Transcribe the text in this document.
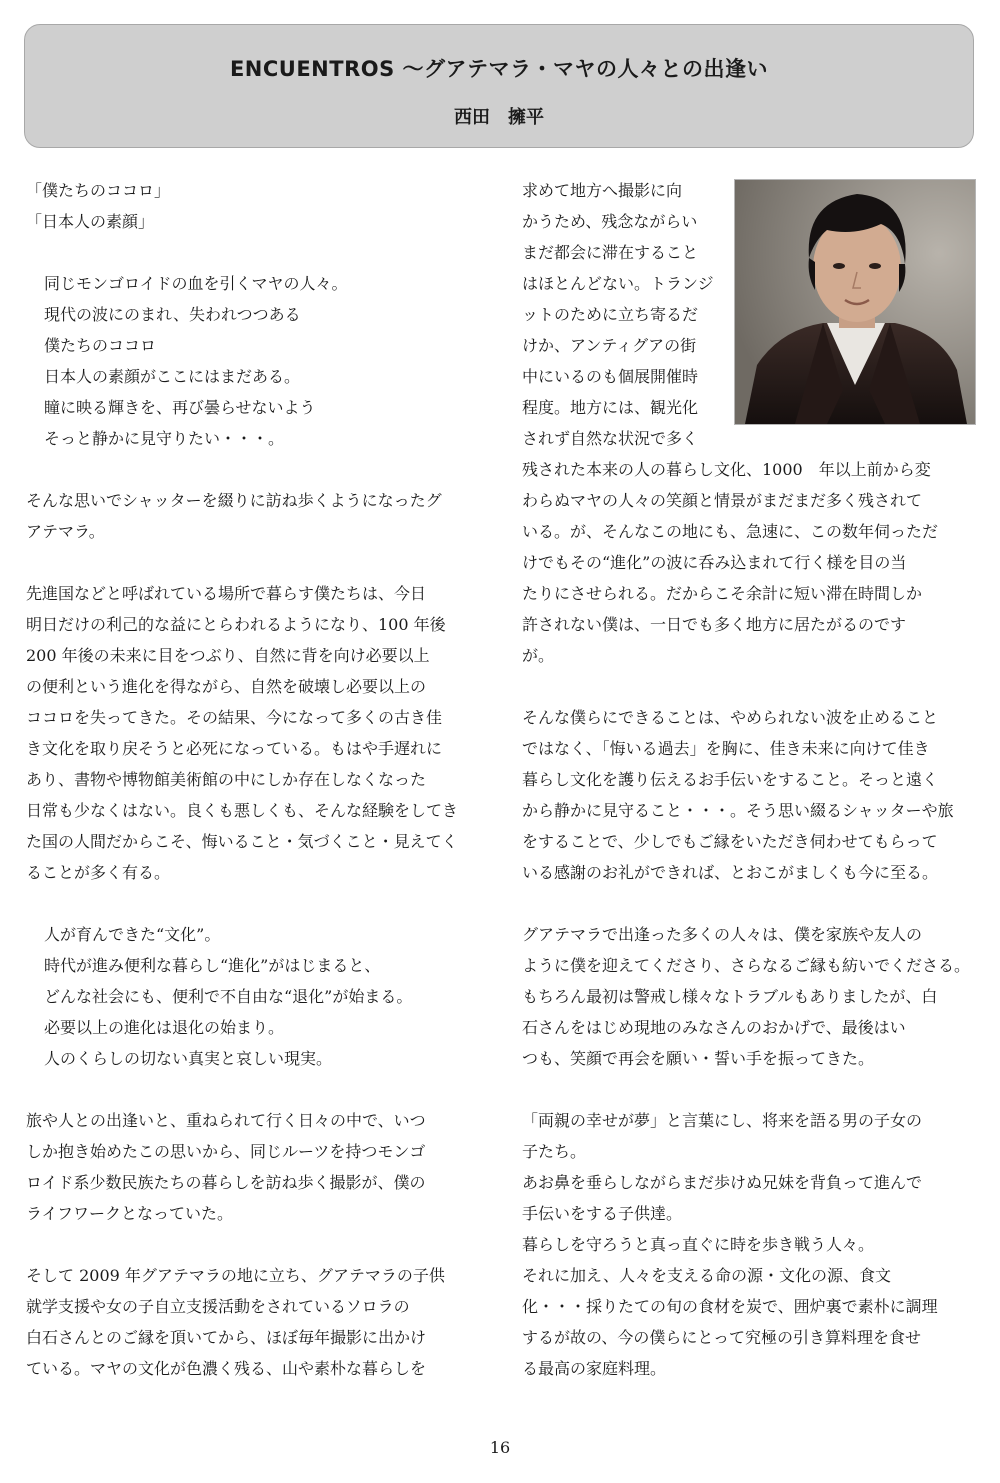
ENCUENTROS ～グアテマラ・マヤの人々との出逢い
西田　擁平
「僕たちのココロ」
「日本人の素顔」
同じモンゴロイドの血を引くマヤの人々。
現代の波にのまれ、失われつつある
僕たちのココロ
日本人の素顔がここにはまだある。
瞳に映る輝きを、再び曇らせないよう
そっと静かに見守りたい・・・。
そんな思いでシャッターを綴りに訪ね歩くようになったグ
アテマラ。
先進国などと呼ばれている場所で暮らす僕たちは、今日
明日だけの利己的な益にとらわれるようになり、100 年後
200 年後の未来に目をつぶり、自然に背を向け必要以上
の便利という進化を得ながら、自然を破壊し必要以上の
ココロを失ってきた。その結果、今になって多くの古き佳
き文化を取り戻そうと必死になっている。もはや手遅れに
あり、書物や博物館美術館の中にしか存在しなくなった
日常も少なくはない。良くも悪しくも、そんな経験をしてき
た国の人間だからこそ、悔いること・気づくこと・見えてく
ることが多く有る。
人が育んできた“文化”。
時代が進み便利な暮らし“進化”がはじまると、
どんな社会にも、便利で不自由な“退化”が始まる。
必要以上の進化は退化の始まり。
人のくらしの切ない真実と哀しい現実。
旅や人との出逢いと、重ねられて行く日々の中で、いつ
しか抱き始めたこの思いから、同じルーツを持つモンゴ
ロイド系少数民族たちの暮らしを訪ね歩く撮影が、僕の
ライフワークとなっていた。
そして 2009 年グアテマラの地に立ち、グアテマラの子供
就学支援や女の子自立支援活動をされているソロラの
白石さんとのご縁を頂いてから、ほぼ毎年撮影に出かけ
ている。マヤの文化が色濃く残る、山や素朴な暮らしを
求めて地方へ撮影に向
かうため、残念ながらい
まだ都会に滞在すること
はほとんどない。トランジ
ットのために立ち寄るだ
けか、アンティグアの街
中にいるのも個展開催時
程度。地方には、観光化
されず自然な状況で多く
残された本来の人の暮らし文化、1000　年以上前から変
わらぬマヤの人々の笑顔と情景がまだまだ多く残されて
いる。が、そんなこの地にも、急速に、この数年伺っただ
けでもその“進化”の波に呑み込まれて行く様を目の当
たりにさせられる。だからこそ余計に短い滞在時間しか
許されない僕は、一日でも多く地方に居たがるのです
が。
そんな僕らにできることは、やめられない波を止めること
ではなく、「悔いる過去」を胸に、佳き未来に向けて佳き
暮らし文化を護り伝えるお手伝いをすること。そっと遠く
から静かに見守ること・・・。そう思い綴るシャッターや旅
をすることで、少しでもご縁をいただき伺わせてもらって
いる感謝のお礼ができれば、とおこがましくも今に至る。
グアテマラで出逢った多くの人々は、僕を家族や友人の
ように僕を迎えてくださり、さらなるご縁も紡いでくださる。
もちろん最初は警戒し様々なトラブルもありましたが、白
石さんをはじめ現地のみなさんのおかげで、最後はい
つも、笑顔で再会を願い・誓い手を振ってきた。
「両親の幸せが夢」と言葉にし、将来を語る男の子女の
子たち。
あお鼻を垂らしながらまだ歩けぬ兄妹を背負って進んで
手伝いをする子供達。
暮らしを守ろうと真っ直ぐに時を歩き戦う人々。
それに加え、人々を支える命の源・文化の源、食文
化・・・採りたての旬の食材を炭で、囲炉裏で素朴に調理
するが故の、今の僕らにとって究極の引き算料理を食せ
る最高の家庭料理。
16
